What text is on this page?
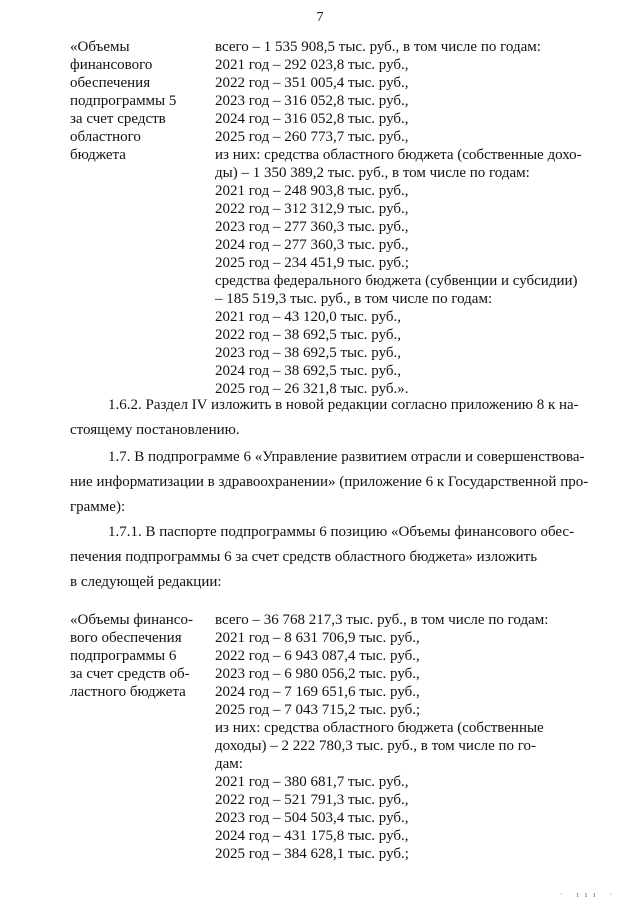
7
«Объемы
финансового
обеспечения
подпрограммы 5
за счет средств
областного
бюджета
всего – 1 535 908,5 тыс. руб., в том числе по годам:
2021 год – 292 023,8 тыс. руб.,
2022 год – 351 005,4 тыс. руб.,
2023 год – 316 052,8 тыс. руб.,
2024 год – 316 052,8 тыс. руб.,
2025 год – 260 773,7 тыс. руб.,
из них: средства областного бюджета (собственные дохо-
ды) – 1 350 389,2 тыс. руб., в том числе по годам:
2021 год – 248 903,8 тыс. руб.,
2022 год – 312 312,9 тыс. руб.,
2023 год – 277 360,3 тыс. руб.,
2024 год – 277 360,3 тыс. руб.,
2025 год – 234 451,9 тыс. руб.;
средства федерального бюджета (субвенции и субсидии)
– 185 519,3 тыс. руб., в том числе по годам:
2021 год – 43 120,0 тыс. руб.,
2022 год – 38 692,5 тыс. руб.,
2023 год – 38 692,5 тыс. руб.,
2024 год – 38 692,5 тыс. руб.,
2025 год – 26 321,8 тыс. руб.».
1.6.2. Раздел IV изложить в новой редакции согласно приложению 8 к на-
стоящему постановлению.
1.7. В подпрограмме 6 «Управление развитием отрасли и совершенствова-
ние информатизации в здравоохранении» (приложение 6 к Государственной про-
грамме):
1.7.1. В паспорте подпрограммы 6 позицию «Объемы финансового обес-
печения подпрограммы 6 за счет средств областного бюджета» изложить
в следующей редакции:
«Объемы финансо-
вого обеспечения
подпрограммы 6
за счет средств об-
ластного бюджета
всего – 36 768 217,3 тыс. руб., в том числе по годам:
2021 год – 8 631 706,9 тыс. руб.,
2022 год – 6 943 087,4 тыс. руб.,
2023 год – 6 980 056,2 тыс. руб.,
2024 год – 7 169 651,6 тыс. руб.,
2025 год – 7 043 715,2 тыс. руб.;
из них: средства областного бюджета (собственные
доходы) – 2 222 780,3 тыс. руб., в том числе по го-
дам:
2021 год – 380 681,7 тыс. руб.,
2022 год – 521 791,3 тыс. руб.,
2023 год – 504 503,4 тыс. руб.,
2024 год – 431 175,8 тыс. руб.,
2025 год – 384 628,1 тыс. руб.;
· ııı ·
